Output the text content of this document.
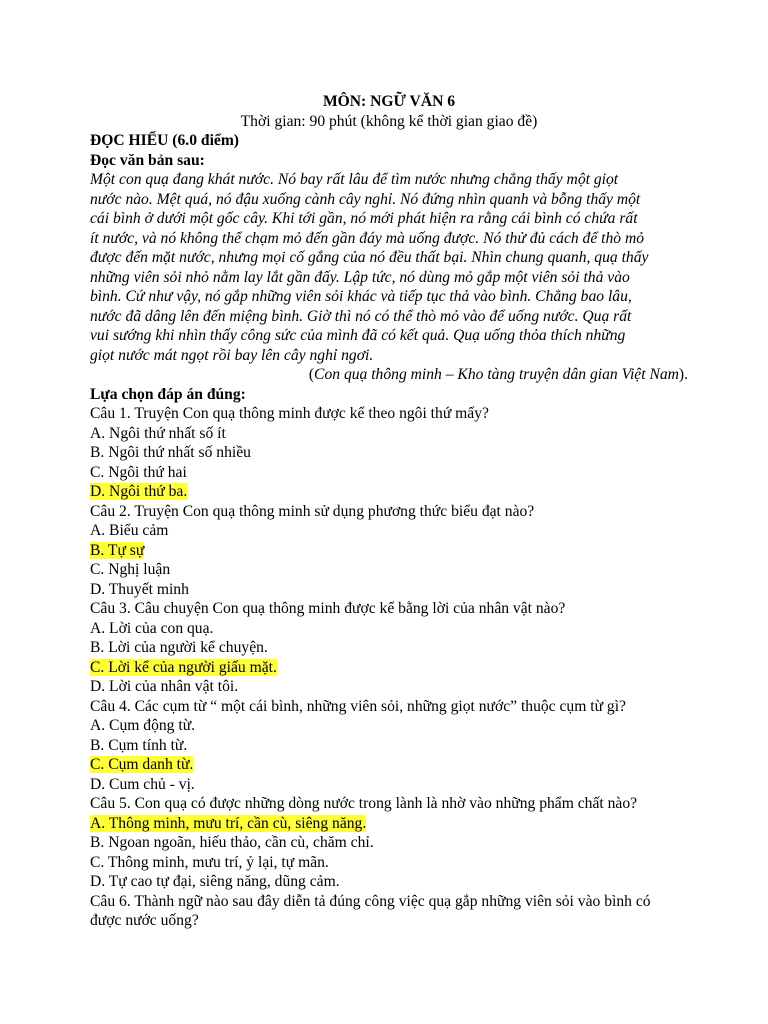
MÔN: NGỮ VĂN 6
Thời gian: 90 phút (không kể thời gian giao đề)
ĐỌC HIỂU (6.0 điểm)
Đọc văn bản sau:
Một con quạ đang khát nước. Nó bay rất lâu để tìm nước nhưng chẳng thấy một giọt
nước nào. Mệt quá, nó đậu xuống cành cây nghỉ. Nó đứng nhìn quanh và bỗng thấy một
cái bình ở dưới một gốc cây. Khi tới gần, nó mới phát hiện ra rằng cái bình có chứa rất
ít nước, và nó không thể chạm mỏ đến gần đáy mà uống được. Nó thử đủ cách để thò mỏ
được đến mặt nước, nhưng mọi cố gắng của nó đều thất bại. Nhìn chung quanh, quạ thấy
những viên sỏi nhỏ nằm lay lắt gần đấy. Lập tức, nó dùng mỏ gắp một viên sỏi thả vào
bình. Cứ như vậy, nó gắp những viên sỏi khác và tiếp tục thả vào bình. Chẳng bao lâu,
nước đã dâng lên đến miệng bình. Giờ thì nó có thể thò mỏ vào để uống nước. Quạ rất
vui sướng khi nhìn thấy công sức của mình đã có kết quả. Quạ uống thỏa thích những
giọt nước mát ngọt rồi bay lên cây nghỉ ngơi.
(Con quạ thông minh – Kho tàng truyện dân gian Việt Nam).
Lựa chọn đáp án đúng:
Câu 1. Truyện Con quạ thông minh được kể theo ngôi thứ mấy?
A. Ngôi thứ nhất số ít
B. Ngôi thứ nhất số nhiều
C. Ngôi thứ hai
D. Ngôi thứ ba.
Câu 2. Truyện Con quạ thông minh sử dụng phương thức biểu đạt nào?
A. Biểu cảm
B. Tự sự
C. Nghị luận
D. Thuyết minh
Câu 3. Câu chuyện Con quạ thông minh được kể bằng lời của nhân vật nào?
A. Lời của con quạ.
B. Lời của người kể chuyện.
C. Lời kể của người giấu mặt.
D. Lời của nhân vật tôi.
Câu 4. Các cụm từ “ một cái bình, những viên sỏi, những giọt nước” thuộc cụm từ gì?
A. Cụm động từ.
B. Cụm tính từ.
C. Cụm danh từ.
D. Cum chủ - vị.
Câu 5. Con quạ có được những dòng nước trong lành là nhờ vào những phẩm chất nào?
A. Thông minh, mưu trí, cần cù, siêng năng.
B. Ngoan ngoãn, hiếu thảo, cần cù, chăm chỉ.
C. Thông minh, mưu trí, ỷ lại, tự mãn.
D. Tự cao tự đại, siêng năng, dũng cảm.
Câu 6. Thành ngữ nào sau đây diễn tả đúng công việc quạ gắp những viên sỏi vào bình có
được nước uống?
